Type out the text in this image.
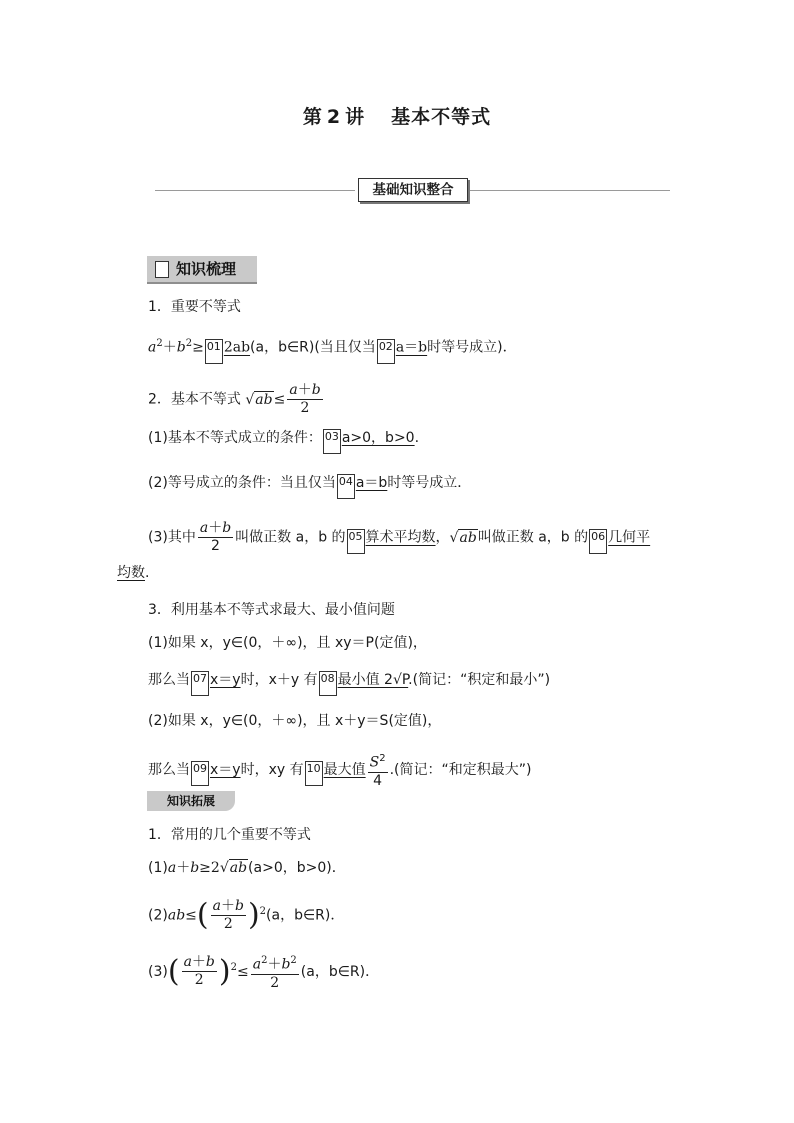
第 2 讲 基本不等式
基础知识整合
知识梳理
1．重要不等式
$a^2+b^2\ge 01$ 2ab(a，b∈R)(当且仅当 02 a＝b时等号成立)．
2．基本不等式 $√ab\le \frac{a+b}{2}$
(1)基本不等式成立的条件： 03 a>0，b>0.
(2)等号成立的条件：当且仅当 04 a＝b时等号成立．
(3)其中 $\frac{a+b}{2}$ 叫做正数 a，b 的 05 算术平均数，√ab叫做正数 a，b 的 06 几何平
均数.
3．利用基本不等式求最大、最小值问题
(1)如果 x，y∈(0，＋∞)，且 xy＝P(定值)，
那么当 07 x＝y时，x＋y 有 08 最小值 2√P.(简记：“积定和最小”)
(2)如果 x，y∈(0，＋∞)，且 x＋y＝S(定值)，
那么当 09 x＝y时，xy 有 10 最大值 $\frac{S^2}{4}$ .(简记：“和定积最大”)
知识拓展
1．常用的几个重要不等式
(1)a＋b≥2√ab(a>0，b>0)．
$(2)ab\le( \frac{a+b}{2} )^2(a$，b∈R)．
$(3)( \frac{a+b}{2} )^2\le \frac{a^2+b^2}{2} (a$，b∈R)．
